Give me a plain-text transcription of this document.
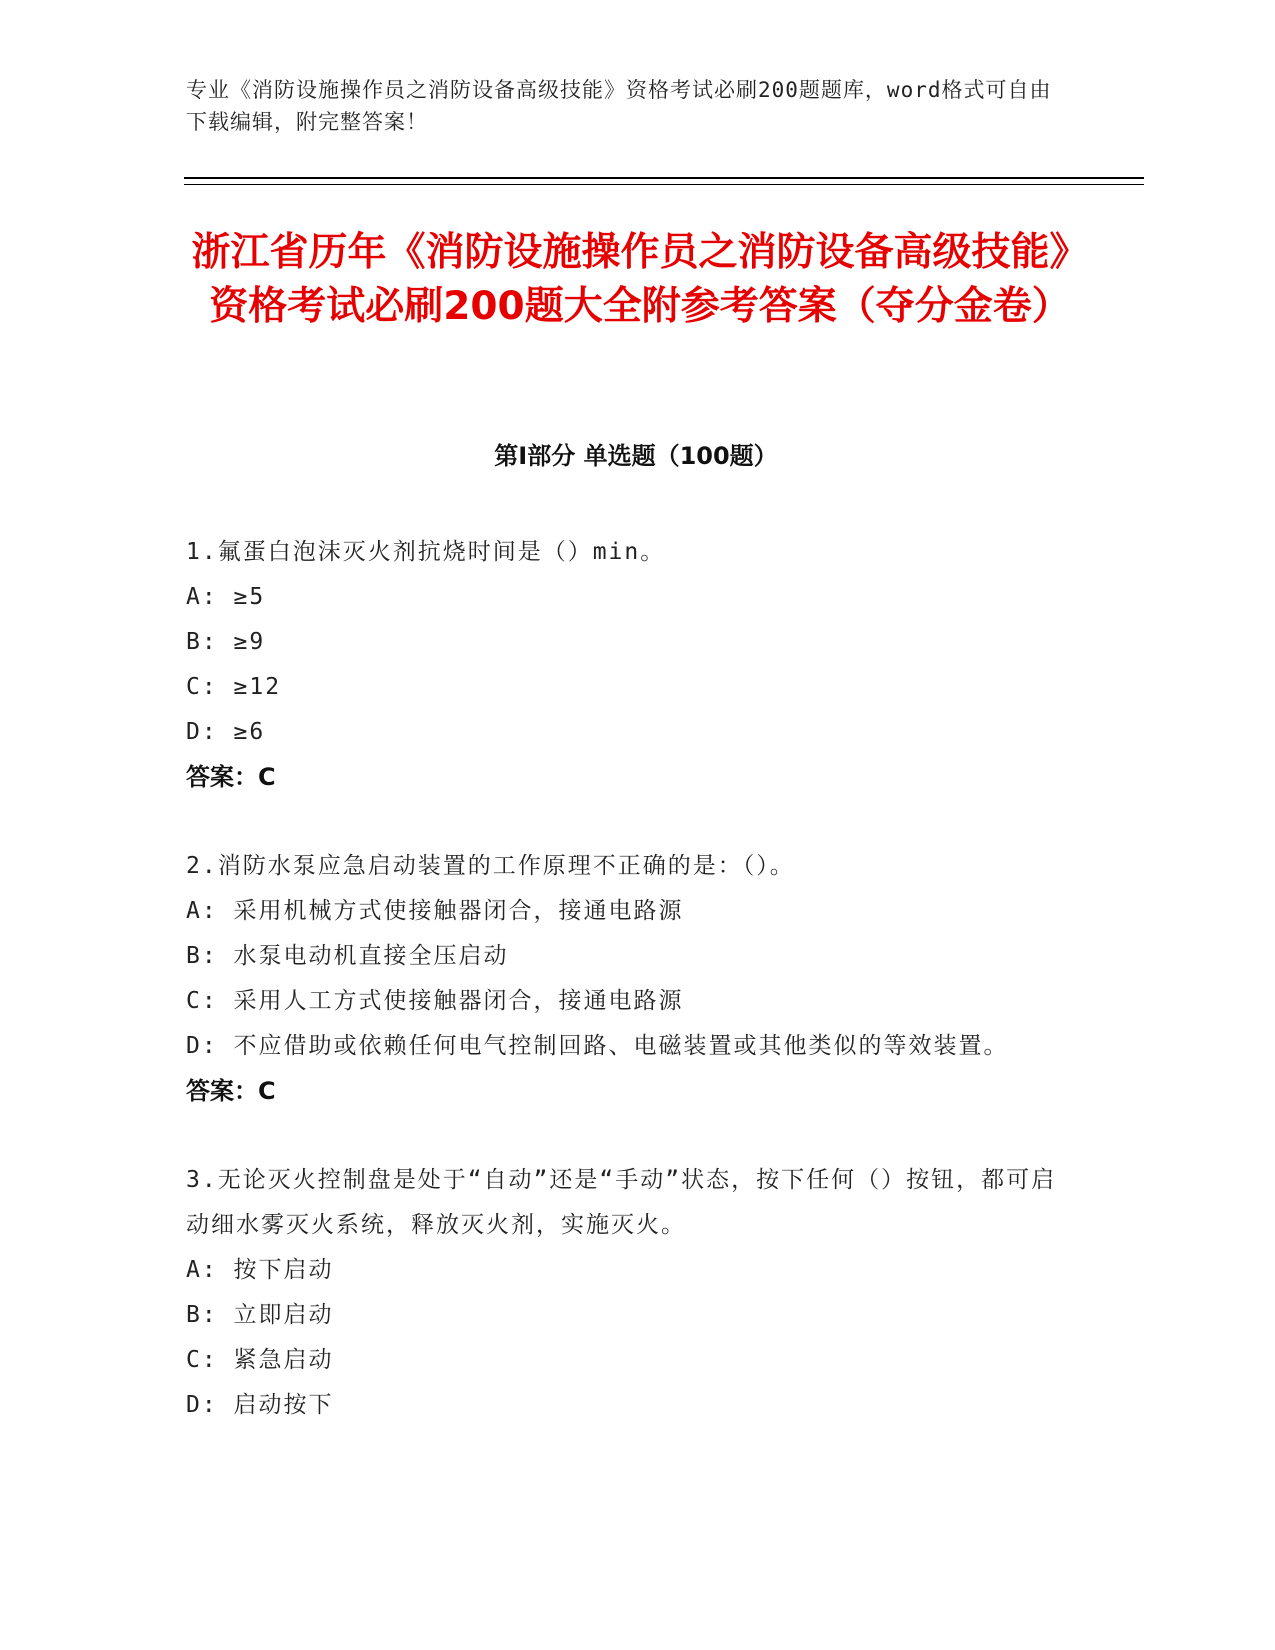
专业《消防设施操作员之消防设备高级技能》资格考试必刷200题题库，word格式可自由下载编辑，附完整答案！
浙江省历年《消防设施操作员之消防设备高级技能》资格考试必刷200题大全附参考答案（夺分金卷）
第I部分 单选题（100题）
1.氟蛋白泡沫灭火剂抗烧时间是（）min。
A: ≥5
B: ≥9
C: ≥12
D: ≥6
答案：C
2.消防水泵应急启动装置的工作原理不正确的是：（）。
A: 采用机械方式使接触器闭合，接通电路源
B: 水泵电动机直接全压启动
C: 采用人工方式使接触器闭合，接通电路源
D: 不应借助或依赖任何电气控制回路、电磁装置或其他类似的等效装置。
答案：C
3.无论灭火控制盘是处于“自动”还是“手动”状态，按下任何（）按钮，都可启动细水雾灭火系统，释放灭火剂，实施灭火。
A: 按下启动
B: 立即启动
C: 紧急启动
D: 启动按下
